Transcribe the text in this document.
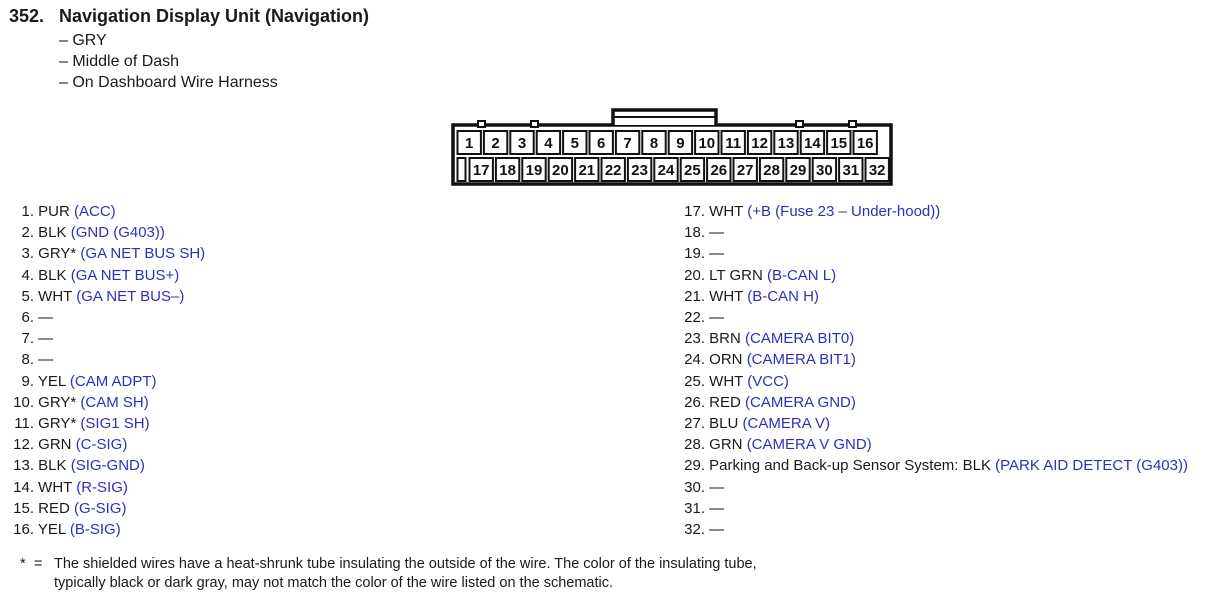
352. Navigation Display Unit (Navigation)
– GRY
– Middle of Dash
– On Dashboard Wire Harness
1 2 3 4 5 6 7 8 9 10 11 12 13 14 15 16
17 18 19 20 21 22 23 24 25 26 27 28 29 30 31 32
1. PUR (ACC)
2. BLK (GND (G403))
3. GRY* (GA NET BUS SH)
4. BLK (GA NET BUS+)
5. WHT (GA NET BUS–)
6. —
7. —
8. —
9. YEL (CAM ADPT)
10. GRY* (CAM SH)
11. GRY* (SIG1 SH)
12. GRN (C-SIG)
13. BLK (SIG-GND)
14. WHT (R-SIG)
15. RED (G-SIG)
16. YEL (B-SIG)
17. WHT (+B (Fuse 23 – Under-hood))
18. —
19. —
20. LT GRN (B-CAN L)
21. WHT (B-CAN H)
22. —
23. BRN (CAMERA BIT0)
24. ORN (CAMERA BIT1)
25. WHT (VCC)
26. RED (CAMERA GND)
27. BLU (CAMERA V)
28. GRN (CAMERA V GND)
29. Parking and Back-up Sensor System: BLK (PARK AID DETECT (G403))
30. —
31. —
32. —
* = The shielded wires have a heat-shrunk tube insulating the outside of the wire. The color of the insulating tube,
typically black or dark gray, may not match the color of the wire listed on the schematic.
